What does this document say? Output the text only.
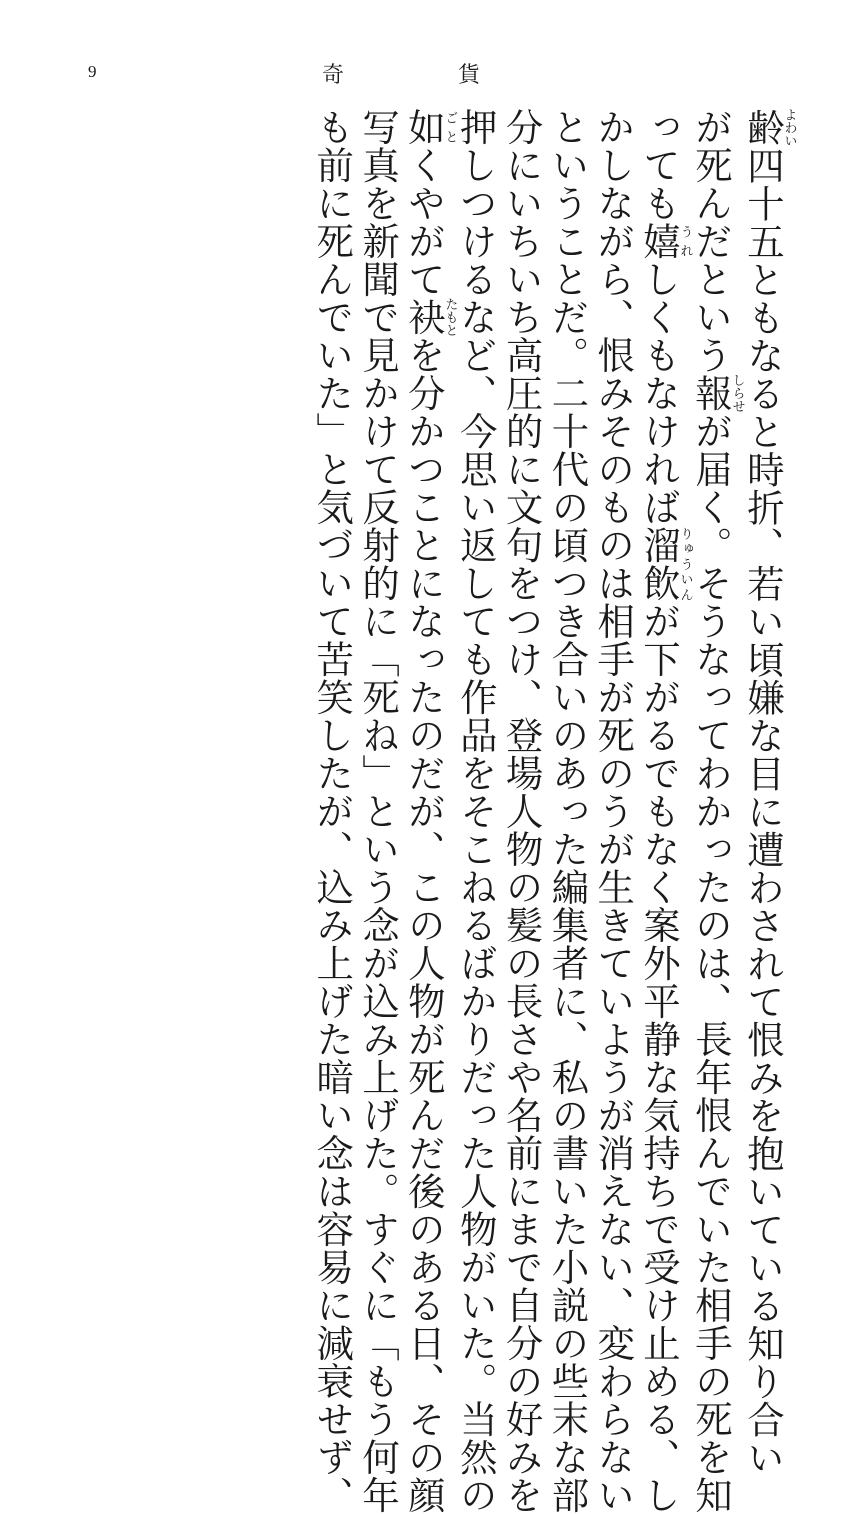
9	奇	貨
齢よわい四十五ともなると時折、若い頃嫌な目に遭わされて恨みを抱いている知り合い
が死んだという報しらせが届く。そうなってわかったのは、長年恨んでいた相手の死を知
っても嬉うれしくもなければ溜飲りゅういんが下がるでもなく案外平静な気持ちで受け止める、し
かしながら、恨みそのものは相手が死のうが生きていようが消えない、変わらない
ということだ。二十代の頃つき合いのあった編集者に、私の書いた小説の些末な部
分にいちいち高圧的に文句をつけ、登場人物の髪の長さや名前にまで自分の好みを
押しつけるなど、今思い返しても作品をそこねるばかりだった人物がいた。当然の
如ごとくやがて袂たもとを分かつことになったのだが、この人物が死んだ後のある日、その顔
写真を新聞で見かけて反射的に「死ね」という念が込み上げた。すぐに「もう何年
も前に死んでいた」と気づいて苦笑したが、込み上げた暗い念は容易に減衰せず、
